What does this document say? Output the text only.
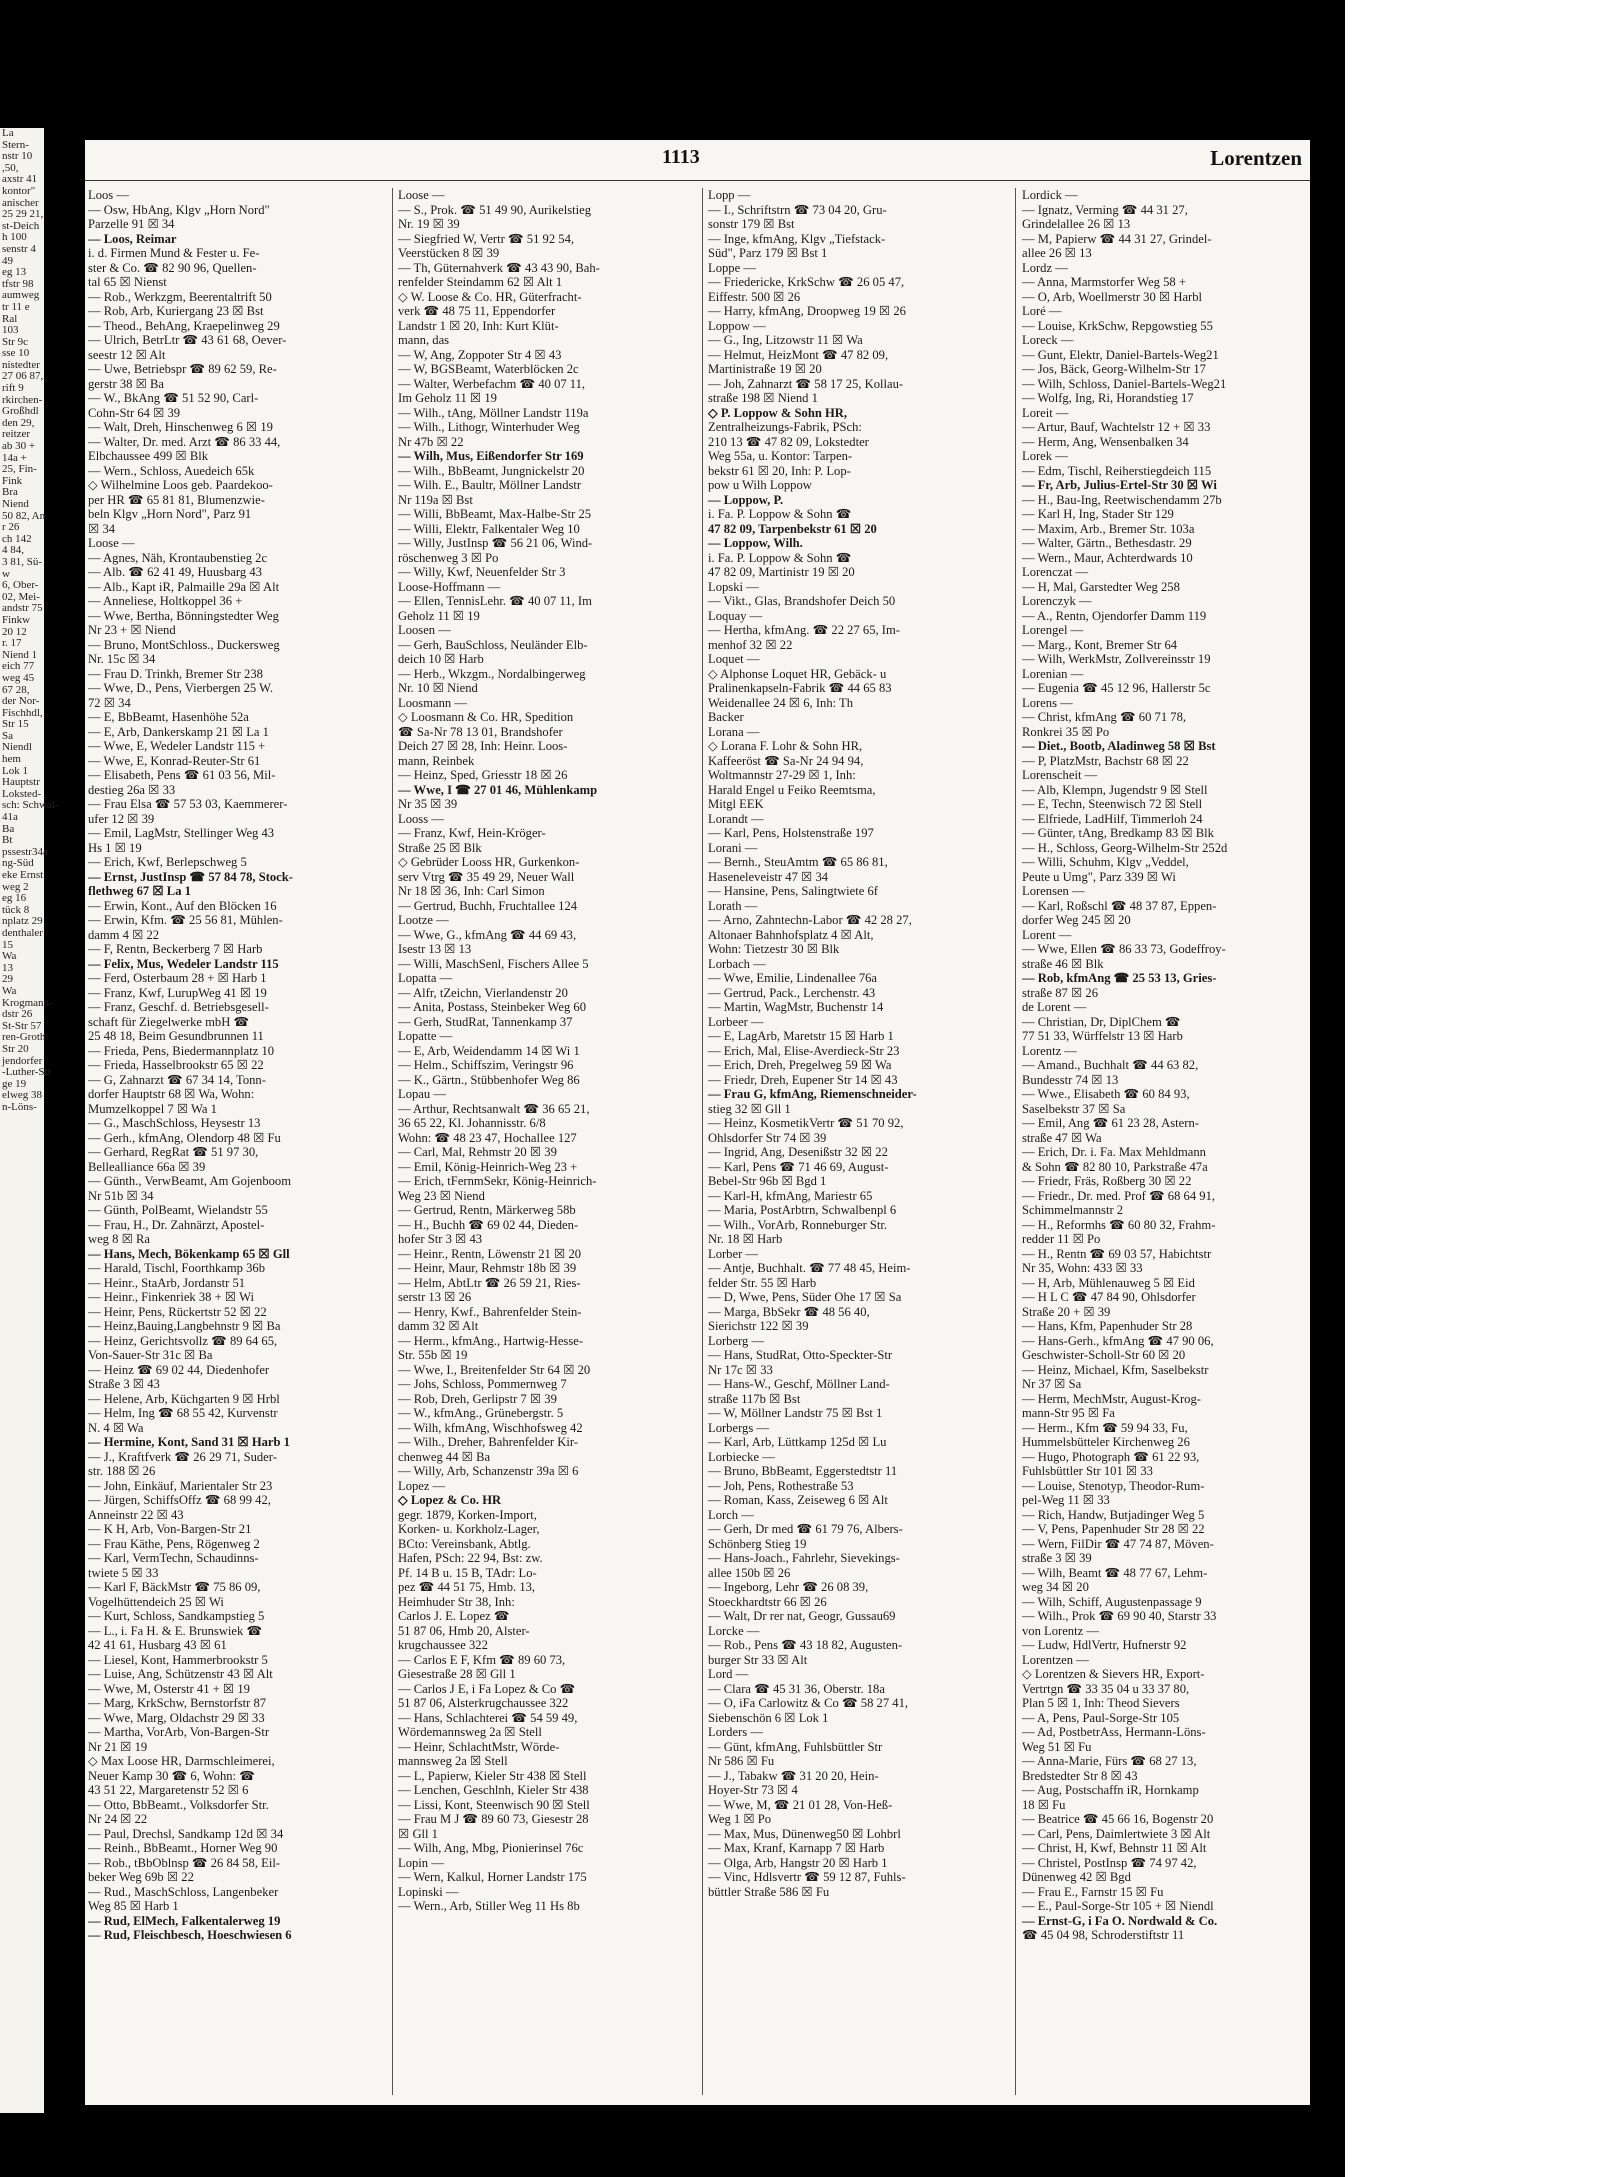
La
Stern-
nstr 10
,50,
axstr 41
kontor"
anischer
25 29 21,
st-Deich
h 100
senstr 4
49
eg 13
tfstr 98
aumweg
tr 11 e
Ral
103
Str 9c
sse 10
nistedter
27 06 87,
rift 9
rkirchen-
Großhdl
den 29,
reitzer
ab 30 +
14a +
25, Fin-
Fink
Bra
Niend
50 82, An
r 26
ch 142
4 84,
3 81, Sü-
w
6, Ober-
02, Mei-
andstr 75
Finkw
20 12
r. 17
Niend 1
eich 77
weg 45
67 28,
der Nor-
Fischhdl,
Str 15
Sa
Niendl
hem
Lok 1
Hauptstr
Loksted-
sch: Schwal-
41a
Ba
Bt
pssestr34a
ng-Süd
eke Ernst
weg 2
eg 16
tück 8
nplatz 29
denthaler
15
Wa
13
29
Wa
Krogmann-
dstr 26
St-Str 57
ren-Groth
Str 20
jendorfer
-Luther-Str
ge 19
elweg 38
n-Löns-
1113	Lorentzen
Loos —
— Osw, HbAng, Klgv „Horn Nord"
Parzelle 91 ☒ 34
— Loos, Reimar
i. d. Firmen Mund & Fester u. Fe-
ster & Co. ☎ 82 90 96, Quellen-
tal 65 ☒ Nienst
— Rob., Werkzgm, Beerentaltrift 50
— Rob, Arb, Kuriergang 23 ☒ Bst
— Theod., BehAng, Kraepelinweg 29
— Ulrich, BetrLtr ☎ 43 61 68, Oever-
seestr 12 ☒ Alt
— Uwe, Betriebspr ☎ 89 62 59, Re-
gerstr 38 ☒ Ba
— W., BkAng ☎ 51 52 90, Carl-
Cohn-Str 64 ☒ 39
— Walt, Dreh, Hinschenweg 6 ☒ 19
— Walter, Dr. med. Arzt ☎ 86 33 44,
Elbchaussee 499 ☒ Blk
— Wern., Schloss, Auedeich 65k
◇ Wilhelmine Loos geb. Paardekoo-
per HR ☎ 65 81 81, Blumenzwie-
beln Klgv „Horn Nord", Parz 91
☒ 34
Loose —
— Agnes, Näh, Krontaubenstieg 2c
— Alb. ☎ 62 41 49, Huusbarg 43
— Alb., Kapt iR, Palmaille 29a ☒ Alt
— Anneliese, Holtkoppel 36 +
— Wwe, Bertha, Bönningstedter Weg
Nr 23 + ☒ Niend
— Bruno, MontSchloss., Duckersweg
Nr. 15c ☒ 34
— Frau D. Trinkh, Bremer Str 238
— Wwe, D., Pens, Vierbergen 25 W.
72 ☒ 34
— E, BbBeamt, Hasenhöhe 52a
— E, Arb, Dankerskamp 21 ☒ La 1
— Wwe, E, Wedeler Landstr 115 +
— Wwe, E, Konrad-Reuter-Str 61
— Elisabeth, Pens ☎ 61 03 56, Mil-
destieg 26a ☒ 33
— Frau Elsa ☎ 57 53 03, Kaemmerer-
ufer 12 ☒ 39
— Emil, LagMstr, Stellinger Weg 43
Hs 1 ☒ 19
— Erich, Kwf, Berlepschweg 5
— Ernst, JustInsp ☎ 57 84 78, Stock-
flethweg 67 ☒ La 1
— Erwin, Kont., Auf den Blöcken 16
— Erwin, Kfm. ☎ 25 56 81, Mühlen-
damm 4 ☒ 22
— F, Rentn, Beckerberg 7 ☒ Harb
— Felix, Mus, Wedeler Landstr 115
— Ferd, Osterbaum 28 + ☒ Harb 1
— Franz, Kwf, LurupWeg 41 ☒ 19
— Franz, Geschf. d. Betriebsgesell-
schaft für Ziegelwerke mbH ☎
25 48 18, Beim Gesundbrunnen 11
— Frieda, Pens, Biedermannplatz 10
— Frieda, Hasselbrookstr 65 ☒ 22
— G, Zahnarzt ☎ 67 34 14, Tonn-
dorfer Hauptstr 68 ☒ Wa, Wohn:
Mumzelkoppel 7 ☒ Wa 1
— G., MaschSchloss, Heysestr 13
— Gerh., kfmAng, Olendorp 48 ☒ Fu
— Gerhard, RegRat ☎ 51 97 30,
Bellealliance 66a ☒ 39
— Günth., VerwBeamt, Am Gojenboom
Nr 51b ☒ 34
— Günth, PolBeamt, Wielandstr 55
— Frau, H., Dr. Zahnärzt, Apostel-
weg 8 ☒ Ra
— Hans, Mech, Bökenkamp 65 ☒ Gll
— Harald, Tischl, Foorthkamp 36b
— Heinr., StaArb, Jordanstr 51
— Heinr., Finkenriek 38 + ☒ Wi
— Heinr, Pens, Rückertstr 52 ☒ 22
— Heinz,Bauing,Langbehnstr 9 ☒ Ba
— Heinz, Gerichtsvollz ☎ 89 64 65,
Von-Sauer-Str 31c ☒ Ba
— Heinz ☎ 69 02 44, Diedenhofer
Straße 3 ☒ 43
— Helene, Arb, Küchgarten 9 ☒ Hrbl
— Helm, Ing ☎ 68 55 42, Kurvenstr
N. 4 ☒ Wa
— Hermine, Kont, Sand 31 ☒ Harb 1
— J., Kraftfverk ☎ 26 29 71, Suder-
str. 188 ☒ 26
— John, Einkäuf, Marientaler Str 23
— Jürgen, SchiffsOffz ☎ 68 99 42,
Anneinstr 22 ☒ 43
— K H, Arb, Von-Bargen-Str 21
— Frau Käthe, Pens, Rögenweg 2
— Karl, VermTechn, Schaudinns-
twiete 5 ☒ 33
— Karl F, BäckMstr ☎ 75 86 09,
Vogelhüttendeich 25 ☒ Wi
— Kurt, Schloss, Sandkampstieg 5
— L., i. Fa H. & E. Brunswiek ☎
42 41 61, Husbarg 43 ☒ 61
— Liesel, Kont, Hammerbrookstr 5
— Luise, Ang, Schützenstr 43 ☒ Alt
— Wwe, M, Osterstr 41 + ☒ 19
— Marg, KrkSchw, Bernstorfstr 87
— Wwe, Marg, Oldachstr 29 ☒ 33
— Martha, VorArb, Von-Bargen-Str
Nr 21 ☒ 19
◇ Max Loose HR, Darmschleimerei,
Neuer Kamp 30 ☎ 6, Wohn: ☎
43 51 22, Margaretenstr 52 ☒ 6
— Otto, BbBeamt., Volksdorfer Str.
Nr 24 ☒ 22
— Paul, Drechsl, Sandkamp 12d ☒ 34
— Reinh., BbBeamt., Horner Weg 90
— Rob., tBbOblnsp ☎ 26 84 58, Eil-
beker Weg 69b ☒ 22
— Rud., MaschSchloss, Langenbeker
Weg 85 ☒ Harb 1
— Rud, ElMech, Falkentalerweg 19
— Rud, Fleischbesch, Hoeschwiesen 6
Loose —
— S., Prok. ☎ 51 49 90, Aurikelstieg
Nr. 19 ☒ 39
— Siegfried W, Vertr ☎ 51 92 54,
Veerstücken 8 ☒ 39
— Th, Güternahverk ☎ 43 43 90, Bah-
renfelder Steindamm 62 ☒ Alt 1
◇ W. Loose & Co. HR, Güterfracht-
verk ☎ 48 75 11, Eppendorfer
Landstr 1 ☒ 20, Inh: Kurt Klüt-
mann, das
— W, Ang, Zoppoter Str 4 ☒ 43
— W, BGSBeamt, Waterblöcken 2c
— Walter, Werbefachm ☎ 40 07 11,
Im Geholz 11 ☒ 19
— Wilh., tAng, Möllner Landstr 119a
— Wilh., Lithogr, Winterhuder Weg
Nr 47b ☒ 22
— Wilh, Mus, Eißendorfer Str 169
— Wilh., BbBeamt, Jungnickelstr 20
— Wilh. E., Baultr, Möllner Landstr
Nr 119a ☒ Bst
— Willi, BbBeamt, Max-Halbe-Str 25
— Willi, Elektr, Falkentaler Weg 10
— Willy, JustInsp ☎ 56 21 06, Wind-
röschenweg 3 ☒ Po
— Willy, Kwf, Neuenfelder Str 3
Loose-Hoffmann —
— Ellen, TennisLehr. ☎ 40 07 11, Im
Geholz 11 ☒ 19
Loosen —
— Gerh, BauSchloss, Neuländer Elb-
deich 10 ☒ Harb
— Herb., Wkzgm., Nordalbingerweg
Nr. 10 ☒ Niend
Loosmann —
◇ Loosmann & Co. HR, Spedition
☎ Sa-Nr 78 13 01, Brandshofer
Deich 27 ☒ 28, Inh: Heinr. Loos-
mann, Reinbek
— Heinz, Sped, Griesstr 18 ☒ 26
— Wwe, I ☎ 27 01 46, Mühlenkamp
Nr 35 ☒ 39
Looss —
— Franz, Kwf, Hein-Kröger-
Straße 25 ☒ Blk
◇ Gebrüder Looss HR, Gurkenkon-
serv Vtrg ☎ 35 49 29, Neuer Wall
Nr 18 ☒ 36, Inh: Carl Simon
— Gertrud, Buchh, Fruchtallee 124
Lootze —
— Wwe, G., kfmAng ☎ 44 69 43,
Isestr 13 ☒ 13
— Willi, MaschSenl, Fischers Allee 5
Lopatta —
— Alfr, tZeichn, Vierlandenstr 20
— Anita, Postass, Steinbeker Weg 60
— Gerh, StudRat, Tannenkamp 37
Lopatte —
— E, Arb, Weidendamm 14 ☒ Wi 1
— Helm., Schiffszim, Veringstr 96
— K., Gärtn., Stübbenhofer Weg 86
Lopau —
— Arthur, Rechtsanwalt ☎ 36 65 21,
36 65 22, Kl. Johannisstr. 6/8
Wohn: ☎ 48 23 47, Hochallee 127
— Carl, Mal, Rehmstr 20 ☒ 39
— Emil, König-Heinrich-Weg 23 +
— Erich, tFernmSekr, König-Heinrich-
Weg 23 ☒ Niend
— Gertrud, Rentn, Märkerweg 58b
— H., Buchh ☎ 69 02 44, Dieden-
hofer Str 3 ☒ 43
— Heinr., Rentn, Löwenstr 21 ☒ 20
— Heinr, Maur, Rehmstr 18b ☒ 39
— Helm, AbtLtr ☎ 26 59 21, Ries-
serstr 13 ☒ 26
— Henry, Kwf., Bahrenfelder Stein-
damm 32 ☒ Alt
— Herm., kfmAng., Hartwig-Hesse-
Str. 55b ☒ 19
— Wwe, I., Breitenfelder Str 64 ☒ 20
— Johs, Schloss, Pommernweg 7
— Rob, Dreh, Gerlipstr 7 ☒ 39
— W., kfmAng., Grünebergstr. 5
— Wilh, kfmAng, Wischhofsweg 42
— Wilh., Dreher, Bahrenfelder Kir-
chenweg 44 ☒ Ba
— Willy, Arb, Schanzenstr 39a ☒ 6
Lopez —
◇ Lopez & Co. HR
gegr. 1879, Korken-Import,
Korken- u. Korkholz-Lager,
BCto: Vereinsbank, Abtlg.
Hafen, PSch: 22 94, Bst: zw.
Pf. 14 B u. 15 B, TAdr: Lo-
pez ☎ 44 51 75, Hmb. 13,
Heimhuder Str 38, Inh:
Carlos J. E. Lopez ☎
51 87 06, Hmb 20, Alster-
krugchaussee 322
— Carlos E F, Kfm ☎ 89 60 73,
Giesestraße 28 ☒ Gll 1
— Carlos J E, i Fa Lopez & Co ☎
51 87 06, Alsterkrugchaussee 322
— Hans, Schlachterei ☎ 54 59 49,
Wördemannsweg 2a ☒ Stell
— Heinr, SchlachtMstr, Wörde-
mannsweg 2a ☒ Stell
— L, Papierw, Kieler Str 438 ☒ Stell
— Lenchen, Geschlnh, Kieler Str 438
— Lissi, Kont, Steenwisch 90 ☒ Stell
— Frau M J ☎ 89 60 73, Giesestr 28
☒ Gll 1
— Wilh, Ang, Mbg, Pionierinsel 76c
Lopin —
— Wern, Kalkul, Horner Landstr 175
Lopinski —
— Wern., Arb, Stiller Weg 11 Hs 8b
Lopp —
— I., Schriftstrn ☎ 73 04 20, Gru-
sonstr 179 ☒ Bst
— Inge, kfmAng, Klgv „Tiefstack-
Süd", Parz 179 ☒ Bst 1
Loppe —
— Friedericke, KrkSchw ☎ 26 05 47,
Eiffestr. 500 ☒ 26
— Harry, kfmAng, Droopweg 19 ☒ 26
Loppow —
— G., Ing, Litzowstr 11 ☒ Wa
— Helmut, HeizMont ☎ 47 82 09,
Martinistraße 19 ☒ 20
— Joh, Zahnarzt ☎ 58 17 25, Kollau-
straße 198 ☒ Niend 1
◇ P. Loppow & Sohn HR,
Zentralheizungs-Fabrik, PSch:
210 13 ☎ 47 82 09, Lokstedter
Weg 55a, u. Kontor: Tarpen-
bekstr 61 ☒ 20, Inh: P. Lop-
pow u Wilh Loppow
— Loppow, P.
i. Fa. P. Loppow & Sohn ☎
47 82 09, Tarpenbekstr 61 ☒ 20
— Loppow, Wilh.
i. Fa. P. Loppow & Sohn ☎
47 82 09, Martinistr 19 ☒ 20
Lopski —
— Vikt., Glas, Brandshofer Deich 50
Loquay —
— Hertha, kfmAng. ☎ 22 27 65, Im-
menhof 32 ☒ 22
Loquet —
◇ Alphonse Loquet HR, Gebäck- u
Pralinenkapseln-Fabrik ☎ 44 65 83
Weidenallee 24 ☒ 6, Inh: Th
Backer
Lorana —
◇ Lorana F. Lohr & Sohn HR,
Kaffeeröst ☎ Sa-Nr 24 94 94,
Woltmannstr 27-29 ☒ 1, Inh:
Harald Engel u Feiko Reemtsma,
Mitgl EEK
Lorandt —
— Karl, Pens, Holstenstraße 197
Lorani —
— Bernh., SteuAmtm ☎ 65 86 81,
Haseneleveistr 47 ☒ 34
— Hansine, Pens, Salingtwiete 6f
Lorath —
— Arno, Zahntechn-Labor ☎ 42 28 27,
Altonaer Bahnhofsplatz 4 ☒ Alt,
Wohn: Tietzestr 30 ☒ Blk
Lorbach —
— Wwe, Emilie, Lindenallee 76a
— Gertrud, Pack., Lerchenstr. 43
— Martin, WagMstr, Buchenstr 14
Lorbeer —
— E, LagArb, Maretstr 15 ☒ Harb 1
— Erich, Mal, Elise-Averdieck-Str 23
— Erich, Dreh, Pregelweg 59 ☒ Wa
— Friedr, Dreh, Eupener Str 14 ☒ 43
— Frau G, kfmAng, Riemenschneider-
stieg 32 ☒ Gll 1
— Heinz, KosmetikVertr ☎ 51 70 92,
Ohlsdorfer Str 74 ☒ 39
— Ingrid, Ang, Desenißstr 32 ☒ 22
— Karl, Pens ☎ 71 46 69, August-
Bebel-Str 96b ☒ Bgd 1
— Karl-H, kfmAng, Mariestr 65
— Maria, PostArbtrn, Schwalbenpl 6
— Wilh., VorArb, Ronneburger Str.
Nr. 18 ☒ Harb
Lorber —
— Antje, Buchhalt. ☎ 77 48 45, Heim-
felder Str. 55 ☒ Harb
— D, Wwe, Pens, Süder Ohe 17 ☒ Sa
— Marga, BbSekr ☎ 48 56 40,
Sierichstr 122 ☒ 39
Lorberg —
— Hans, StudRat, Otto-Speckter-Str
Nr 17c ☒ 33
— Hans-W., Geschf, Möllner Land-
straße 117b ☒ Bst
— W, Möllner Landstr 75 ☒ Bst 1
Lorbergs —
— Karl, Arb, Lüttkamp 125d ☒ Lu
Lorbiecke —
— Bruno, BbBeamt, Eggerstedtstr 11
— Joh, Pens, Rothestraße 53
— Roman, Kass, Zeiseweg 6 ☒ Alt
Lorch —
— Gerh, Dr med ☎ 61 79 76, Albers-
Schönberg Stieg 19
— Hans-Joach., Fahrlehr, Sievekings-
allee 150b ☒ 26
— Ingeborg, Lehr ☎ 26 08 39,
Stoeckhardtstr 66 ☒ 26
— Walt, Dr rer nat, Geogr, Gussau69
Lorcke —
— Rob., Pens ☎ 43 18 82, Augusten-
burger Str 33 ☒ Alt
Lord —
— Clara ☎ 45 31 36, Oberstr. 18a
— O, iFa Carlowitz & Co ☎ 58 27 41,
Siebenschön 6 ☒ Lok 1
Lorders —
— Günt, kfmAng, Fuhlsbüttler Str
Nr 586 ☒ Fu
— J., Tabakw ☎ 31 20 20, Hein-
Hoyer-Str 73 ☒ 4
— Wwe, M, ☎ 21 01 28, Von-Heß-
Weg 1 ☒ Po
— Max, Mus, Dünenweg50 ☒ Lohbrl
— Max, Kranf, Karnapp 7 ☒ Harb
— Olga, Arb, Hangstr 20 ☒ Harb 1
— Vinc, Hdlsvertr ☎ 59 12 87, Fuhls-
büttler Straße 586 ☒ Fu
Lordick —
— Ignatz, Verming ☎ 44 31 27,
Grindelallee 26 ☒ 13
— M, Papierw ☎ 44 31 27, Grindel-
allee 26 ☒ 13
Lordz —
— Anna, Marmstorfer Weg 58 +
— O, Arb, Woellmerstr 30 ☒ Harbl
Loré —
— Louise, KrkSchw, Repgowstieg 55
Loreck —
— Gunt, Elektr, Daniel-Bartels-Weg21
— Jos, Bäck, Georg-Wilhelm-Str 17
— Wilh, Schloss, Daniel-Bartels-Weg21
— Wolfg, Ing, Ri, Horandstieg 17
Loreit —
— Artur, Bauf, Wachtelstr 12 + ☒ 33
— Herm, Ang, Wensenbalken 34
Lorek —
— Edm, Tischl, Reiherstiegdeich 115
— Fr, Arb, Julius-Ertel-Str 30 ☒ Wi
— H., Bau-Ing, Reetwischendamm 27b
— Karl H, Ing, Stader Str 129
— Maxim, Arb., Bremer Str. 103a
— Walter, Gärtn., Bethesdastr. 29
— Wern., Maur, Achterdwards 10
Lorenczat —
— H, Mal, Garstedter Weg 258
Lorenczyk —
— A., Rentn, Ojendorfer Damm 119
Lorengel —
— Marg., Kont, Bremer Str 64
— Wilh, WerkMstr, Zollvereinsstr 19
Lorenian —
— Eugenia ☎ 45 12 96, Hallerstr 5c
Lorens —
— Christ, kfmAng ☎ 60 71 78,
Ronkrei 35 ☒ Po
— Diet., Bootb, Aladinweg 58 ☒ Bst
— P, PlatzMstr, Bachstr 68 ☒ 22
Lorenscheit —
— Alb, Klempn, Jugendstr 9 ☒ Stell
— E, Techn, Steenwisch 72 ☒ Stell
— Elfriede, LadHilf, Timmerloh 24
— Günter, tAng, Bredkamp 83 ☒ Blk
— H., Schloss, Georg-Wilhelm-Str 252d
— Willi, Schuhm, Klgv „Veddel,
Peute u Umg", Parz 339 ☒ Wi
Lorensen —
— Karl, Roßschl ☎ 48 37 87, Eppen-
dorfer Weg 245 ☒ 20
Lorent —
— Wwe, Ellen ☎ 86 33 73, Godeffroy-
straße 46 ☒ Blk
— Rob, kfmAng ☎ 25 53 13, Gries-
straße 87 ☒ 26
de Lorent —
— Christian, Dr, DiplChem ☎
77 51 33, Würffelstr 13 ☒ Harb
Lorentz —
— Amand., Buchhalt ☎ 44 63 82,
Bundesstr 74 ☒ 13
— Wwe., Elisabeth ☎ 60 84 93,
Saselbekstr 37 ☒ Sa
— Emil, Ang ☎ 61 23 28, Astern-
straße 47 ☒ Wa
— Erich, Dr. i. Fa. Max Mehldmann
& Sohn ☎ 82 80 10, Parkstraße 47a
— Friedr, Fräs, Roßberg 30 ☒ 22
— Friedr., Dr. med. Prof ☎ 68 64 91,
Schimmelmannstr 2
— H., Reformhs ☎ 60 80 32, Frahm-
redder 11 ☒ Po
— H., Rentn ☎ 69 03 57, Habichtstr
Nr 35, Wohn: 433 ☒ 33
— H, Arb, Mühlenauweg 5 ☒ Eid
— H L C ☎ 47 84 90, Ohlsdorfer
Straße 20 + ☒ 39
— Hans, Kfm, Papenhuder Str 28
— Hans-Gerh., kfmAng ☎ 47 90 06,
Geschwister-Scholl-Str 60 ☒ 20
— Heinz, Michael, Kfm, Saselbekstr
Nr 37 ☒ Sa
— Herm, MechMstr, August-Krog-
mann-Str 95 ☒ Fa
— Herm., Kfm ☎ 59 94 33, Fu,
Hummelsbütteler Kirchenweg 26
— Hugo, Photograph ☎ 61 22 93,
Fuhlsbüttler Str 101 ☒ 33
— Louise, Stenotyp, Theodor-Rum-
pel-Weg 11 ☒ 33
— Rich, Handw, Butjadinger Weg 5
— V, Pens, Papenhuder Str 28 ☒ 22
— Wern, FilDir ☎ 47 74 87, Möven-
straße 3 ☒ 39
— Wilh, Beamt ☎ 48 77 67, Lehm-
weg 34 ☒ 20
— Wilh, Schiff, Augustenpassage 9
— Wilh., Prok ☎ 69 90 40, Starstr 33
von Lorentz —
— Ludw, HdlVertr, Hufnerstr 92
Lorentzen —
◇ Lorentzen & Sievers HR, Export-
Vertrtgn ☎ 33 35 04 u 33 37 80,
Plan 5 ☒ 1, Inh: Theod Sievers
— A, Pens, Paul-Sorge-Str 105
— Ad, PostbetrAss, Hermann-Löns-
Weg 51 ☒ Fu
— Anna-Marie, Fürs ☎ 68 27 13,
Bredstedter Str 8 ☒ 43
— Aug, Postschaffn iR, Hornkamp
18 ☒ Fu
— Beatrice ☎ 45 66 16, Bogenstr 20
— Carl, Pens, Daimlertwiete 3 ☒ Alt
— Christ, H, Kwf, Behnstr 11 ☒ Alt
— Christel, PostInsp ☎ 74 97 42,
Dünenweg 42 ☒ Bgd
— Frau E., Farnstr 15 ☒ Fu
— E., Paul-Sorge-Str 105 + ☒ Niendl
— Ernst-G, i Fa O. Nordwald & Co.
☎ 45 04 98, Schroderstiftstr 11
